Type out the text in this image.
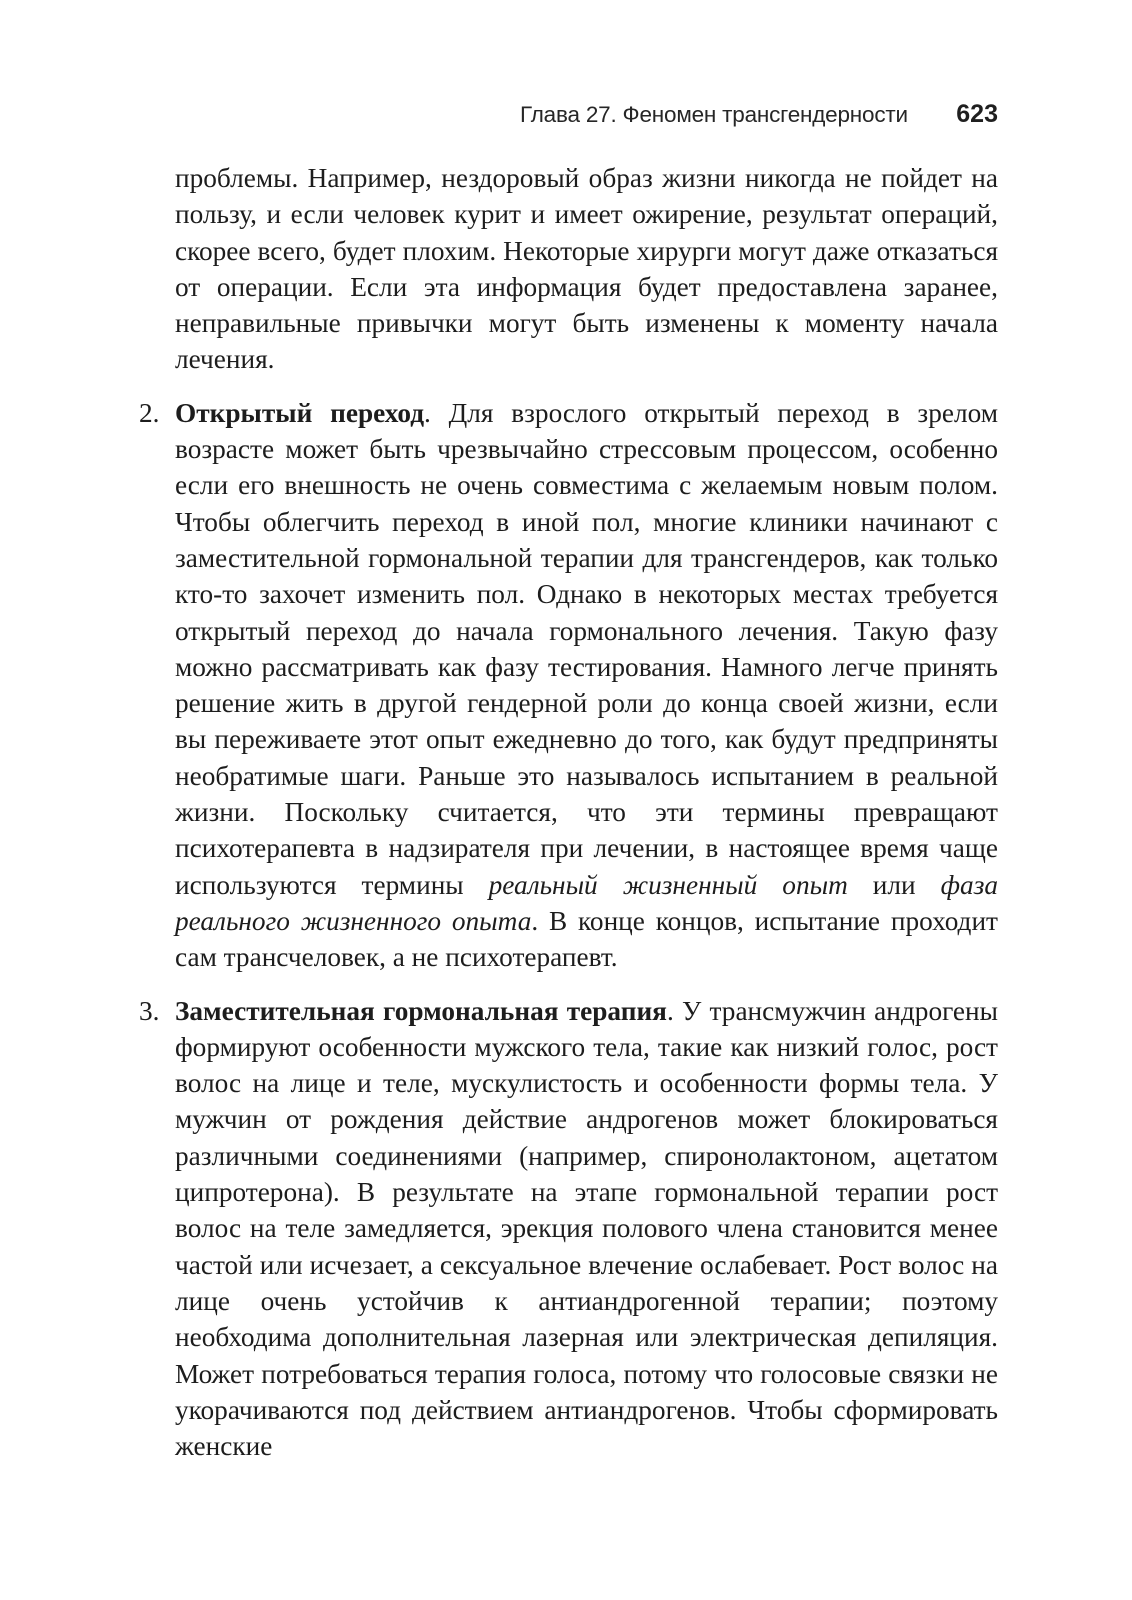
Глава 27. Феномен трансгендерности 623

проблемы. Например, нездоровый образ жизни никогда не пойдет на пользу, и если человек курит и имеет ожирение, результат операций, скорее всего, будет плохим. Некоторые хирурги могут даже отказаться от операции. Если эта информация будет предоставлена заранее, неправильные привычки могут быть изменены к моменту начала лечения.

2. Открытый переход. Для взрослого открытый переход в зрелом возрасте может быть чрезвычайно стрессовым процессом, особенно если его внешность не очень совместима с желаемым новым полом. Чтобы облегчить переход в иной пол, многие клиники начинают с заместительной гормональной терапии для трансгендеров, как только кто-то захочет изменить пол. Однако в некоторых местах требуется открытый переход до начала гормонального лечения. Такую фазу можно рассматривать как фазу тестирования. Намного легче принять решение жить в другой гендерной роли до конца своей жизни, если вы переживаете этот опыт ежедневно до того, как будут предприняты необратимые шаги. Раньше это называлось испытанием в реальной жизни. Поскольку считается, что эти термины превращают психотерапевта в надзирателя при лечении, в настоящее время чаще используются термины реальный жизненный опыт или фаза реального жизненного опыта. В конце концов, испытание проходит сам трансчеловек, а не психотерапевт.

3. Заместительная гормональная терапия. У трансмужчин андрогены формируют особенности мужского тела, такие как низкий голос, рост волос на лице и теле, мускулистость и особенности формы тела. У мужчин от рождения действие андрогенов может блокироваться различными соединениями (например, спиронолактоном, ацетатом ципротерона). В результате на этапе гормональной терапии рост волос на теле замедляется, эрекция полового члена становится менее частой или исчезает, а сексуальное влечение ослабевает. Рост волос на лице очень устойчив к антиандрогенной терапии; поэтому необходима дополнительная лазерная или электрическая депиляция. Может потребоваться терапия голоса, потому что голосовые связки не укорачиваются под действием антиандрогенов. Чтобы сформировать женские
